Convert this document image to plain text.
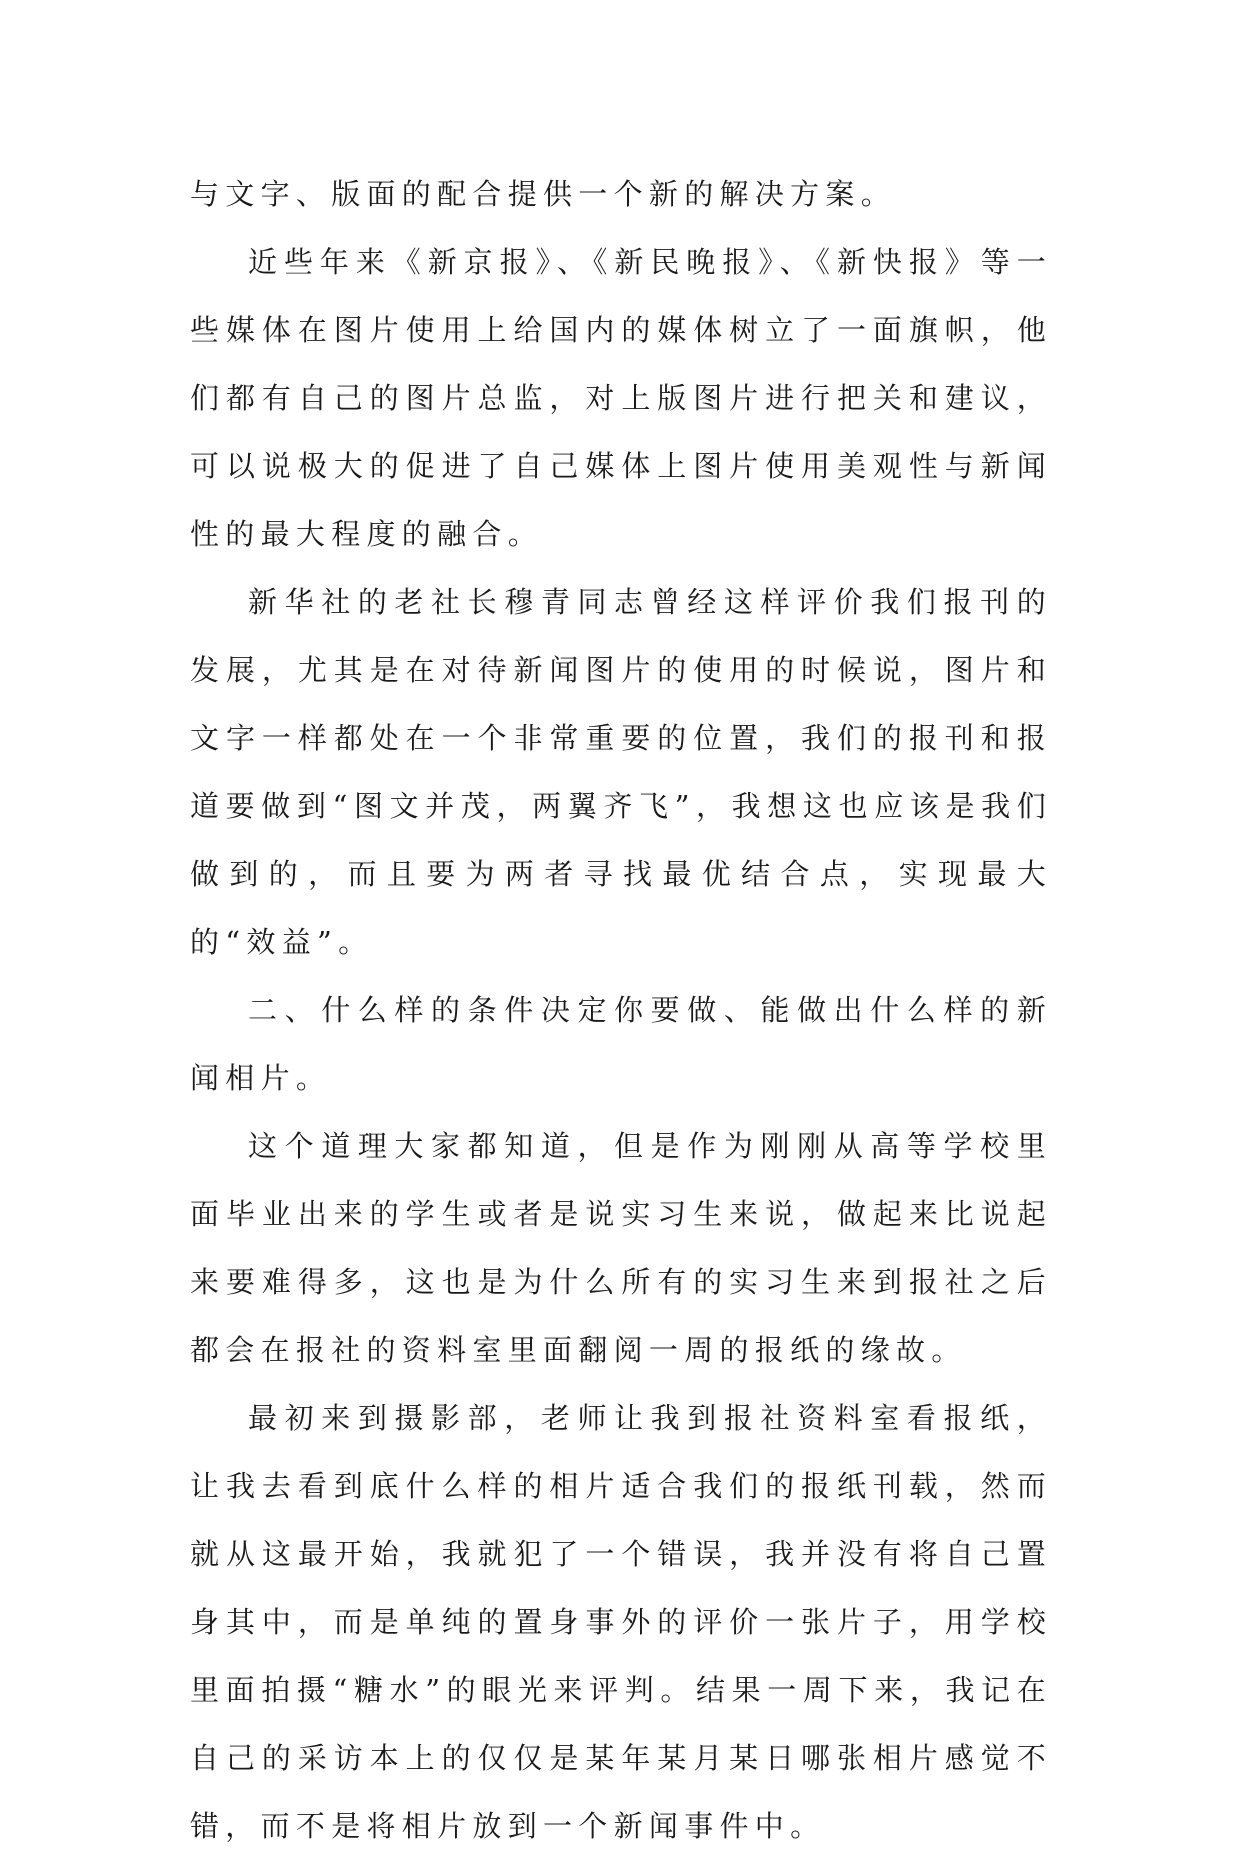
与文字、版面的配合提供一个新的解决方案。

近些年来《新京报》、《新民晚报》、《新快报》等一些媒体在图片使用上给国内的媒体树立了一面旗帜，他们都有自己的图片总监，对上版图片进行把关和建议，可以说极大的促进了自己媒体上图片使用美观性与新闻性的最大程度的融合。

新华社的老社长穆青同志曾经这样评价我们报刊的发展，尤其是在对待新闻图片的使用的时候说，图片和文字一样都处在一个非常重要的位置，我们的报刊和报道要做到“图文并茂，两翼齐飞”，我想这也应该是我们做到的，而且要为两者寻找最优结合点，实现最大的“效益”。

二、什么样的条件决定你要做、能做出什么样的新闻相片。

这个道理大家都知道，但是作为刚刚从高等学校里面毕业出来的学生或者是说实习生来说，做起来比说起来要难得多，这也是为什么所有的实习生来到报社之后都会在报社的资料室里面翻阅一周的报纸的缘故。

最初来到摄影部，老师让我到报社资料室看报纸，让我去看到底什么样的相片适合我们的报纸刊载，然而就从这最开始，我就犯了一个错误，我并没有将自己置身其中，而是单纯的置身事外的评价一张片子，用学校里面拍摄“糖水”的眼光来评判。结果一周下来，我记在自己的采访本上的仅仅是某年某月某日哪张相片感觉不错，而不是将相片放到一个新闻事件中。
